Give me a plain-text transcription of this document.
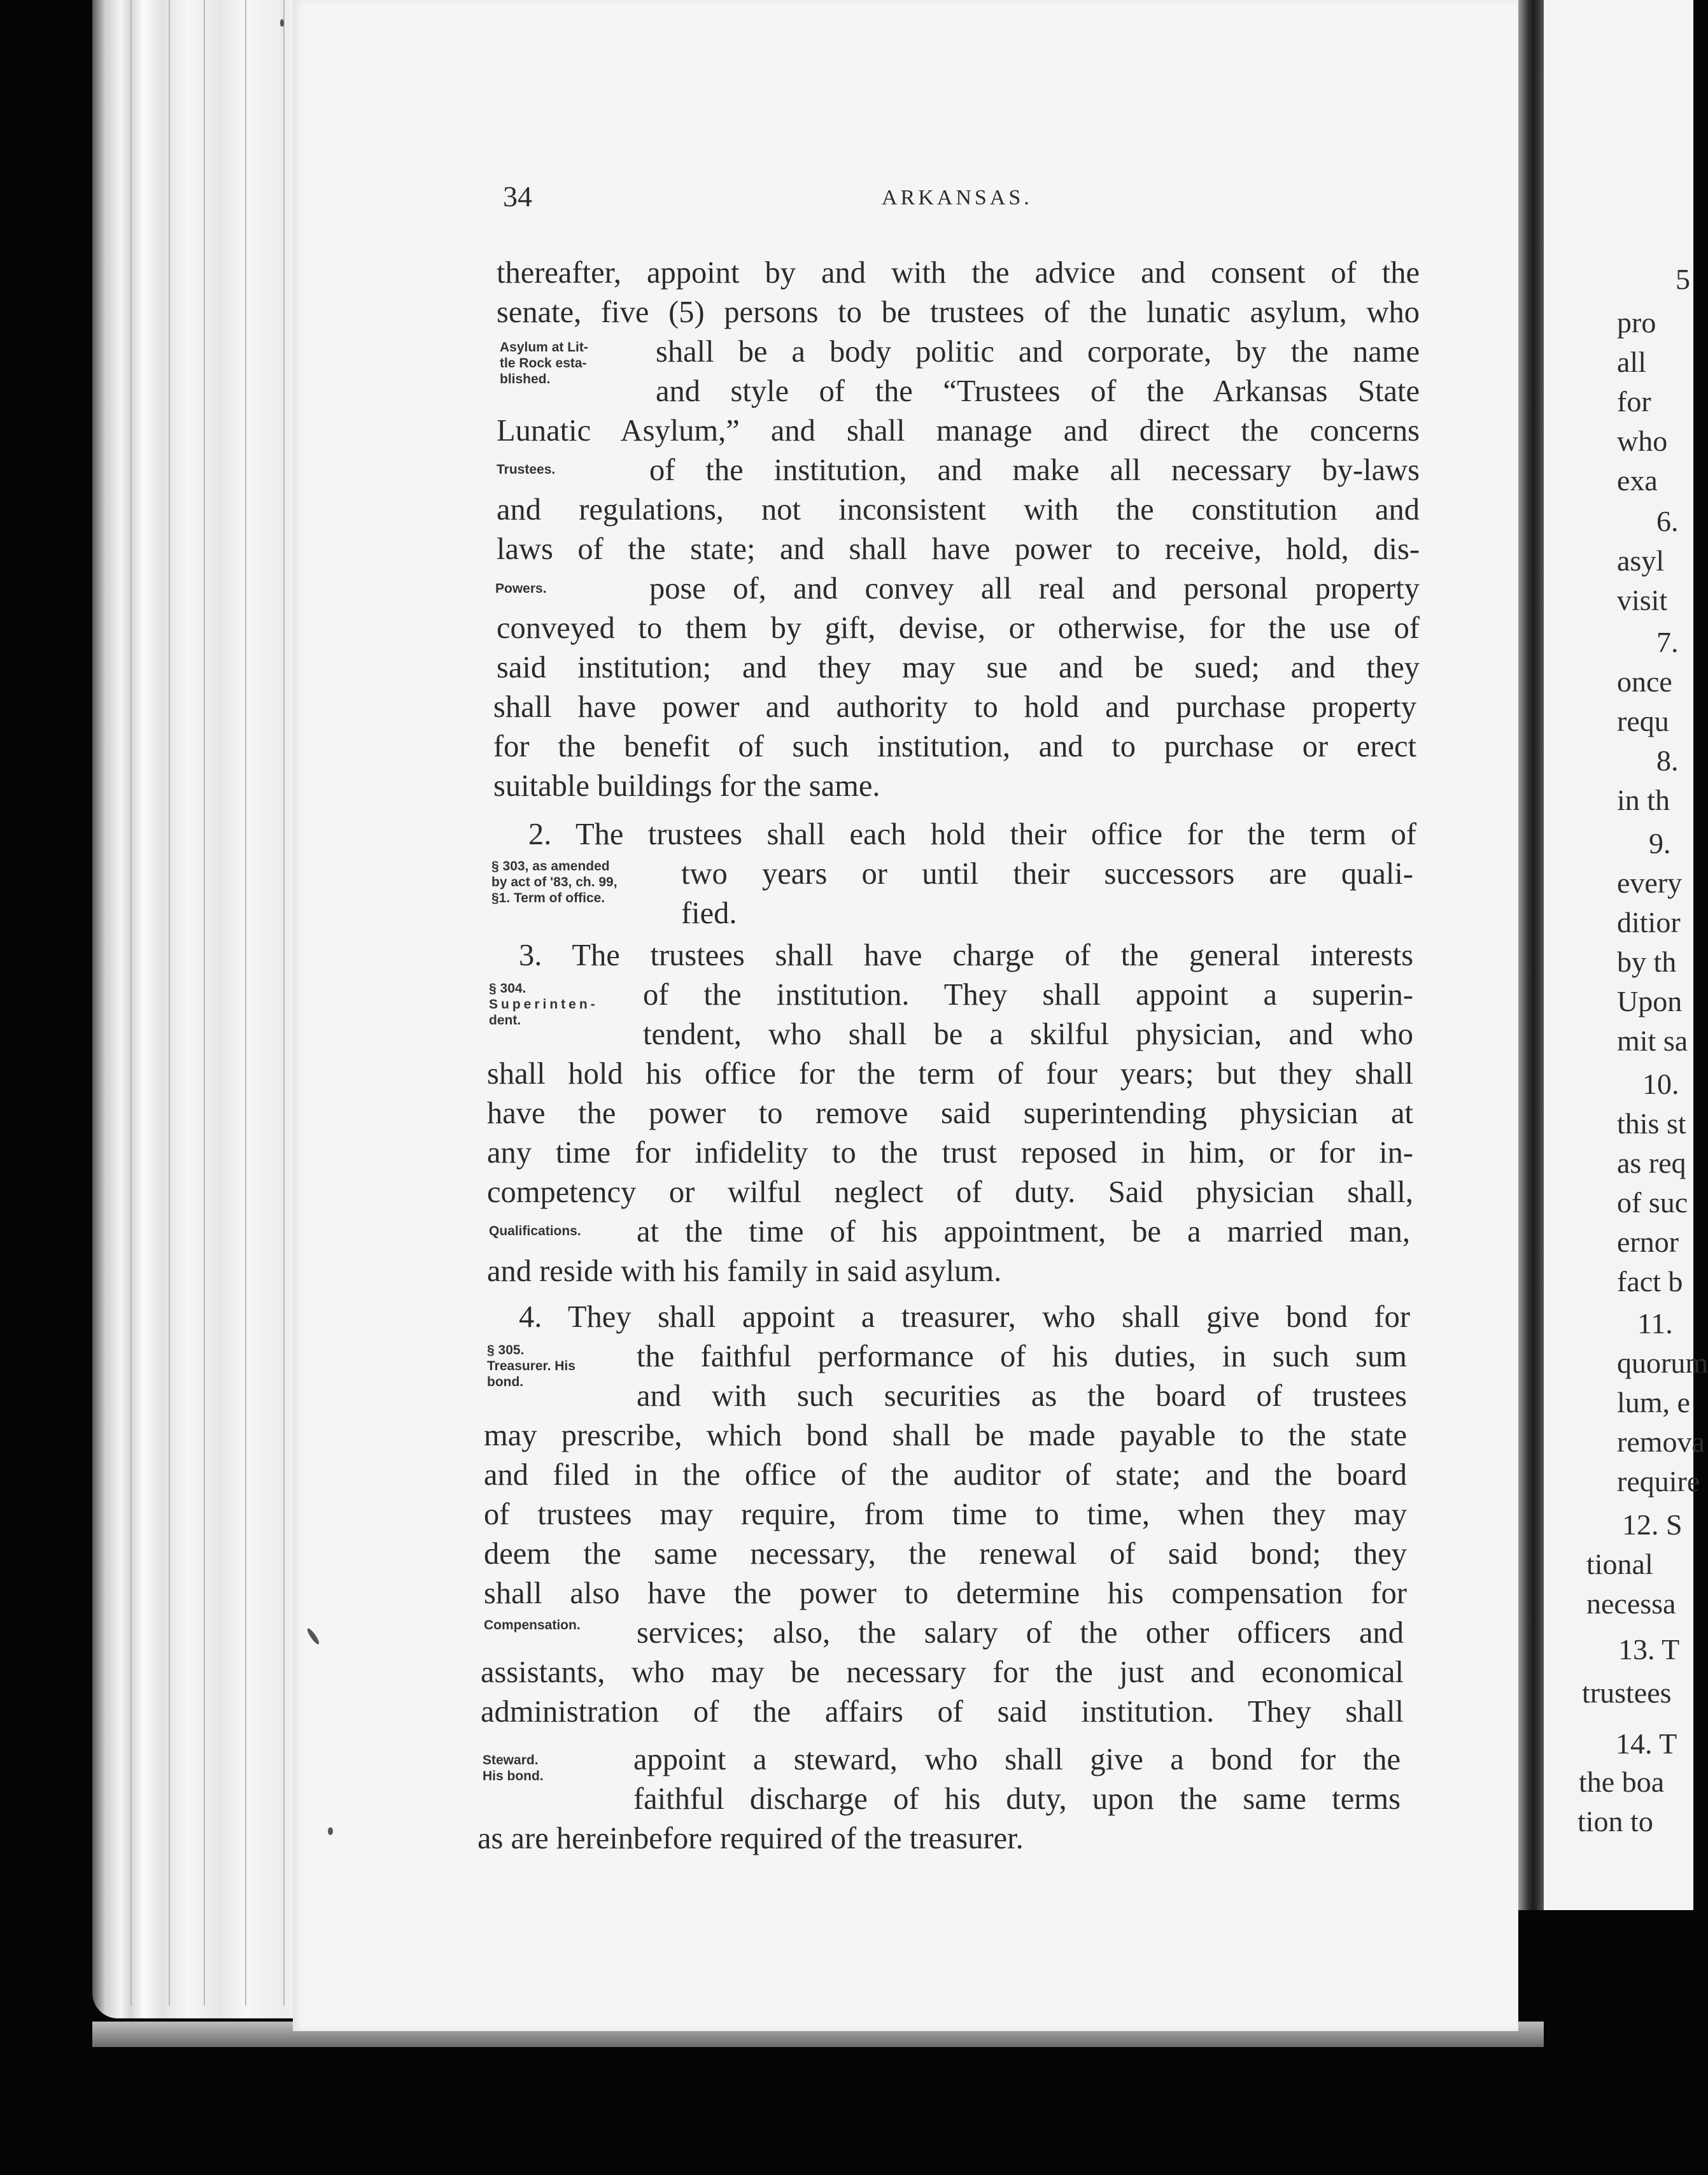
34	ARKANSAS.
thereafter, appoint by and with the advice and consent of the
senate, five (5) persons to be trustees of the lunatic asylum, who
shall be a body politic and corporate, by the name
and style of the “Trustees of the Arkansas State
Lunatic Asylum,” and shall manage and direct the concerns
of the institution, and make all necessary by-laws
and regulations, not inconsistent with the constitution and
laws of the state; and shall have power to receive, hold, dis-
pose of, and convey all real and personal property
conveyed to them by gift, devise, or otherwise, for the use of
said institution; and they may sue and be sued; and they
shall have power and authority to hold and purchase property
for the benefit of such institution, and to purchase or erect
suitable buildings for the same.
2. The trustees shall each hold their office for the term of
two years or until their successors are quali-
fied.
3. The trustees shall have charge of the general interests
of the institution. They shall appoint a superin-
tendent, who shall be a skilful physician, and who
shall hold his office for the term of four years; but they shall
have the power to remove said superintending physician at
any time for infidelity to the trust reposed in him, or for in-
competency or wilful neglect of duty. Said physician shall,
at the time of his appointment, be a married man,
and reside with his family in said asylum.
4. They shall appoint a treasurer, who shall give bond for
the faithful performance of his duties, in such sum
and with such securities as the board of trustees
may prescribe, which bond shall be made payable to the state
and filed in the office of the auditor of state; and the board
of trustees may require, from time to time, when they may
deem the same necessary, the renewal of said bond; they
shall also have the power to determine his compensation for
services; also, the salary of the other officers and
assistants, who may be necessary for the just and economical
administration of the affairs of said institution. They shall
appoint a steward, who shall give a bond for the
faithful discharge of his duty, upon the same terms
as are hereinbefore required of the treasurer.
Asylum at Lit-
tle Rock esta-
blished.
Trustees.
Powers.
§ 303, as amended
by act of '83, ch. 99,
§1. Term of office.
§ 304.
Superinten-
dent.
Qualifications.
§ 305.
Treasurer. His
bond.
Compensation.
Steward.
His bond.
5
pro
all
for
who
exa
6.
asyl
visit
7.
once
requ
8.
in th
9.
every
ditior
by th
Upon
mit sa
10.
this st
as req
of suc
ernor
fact b
11.
quorum
lum, e
remova
require
12. S
tional
necessa
13. T
trustees
14. T
the boa
tion to
